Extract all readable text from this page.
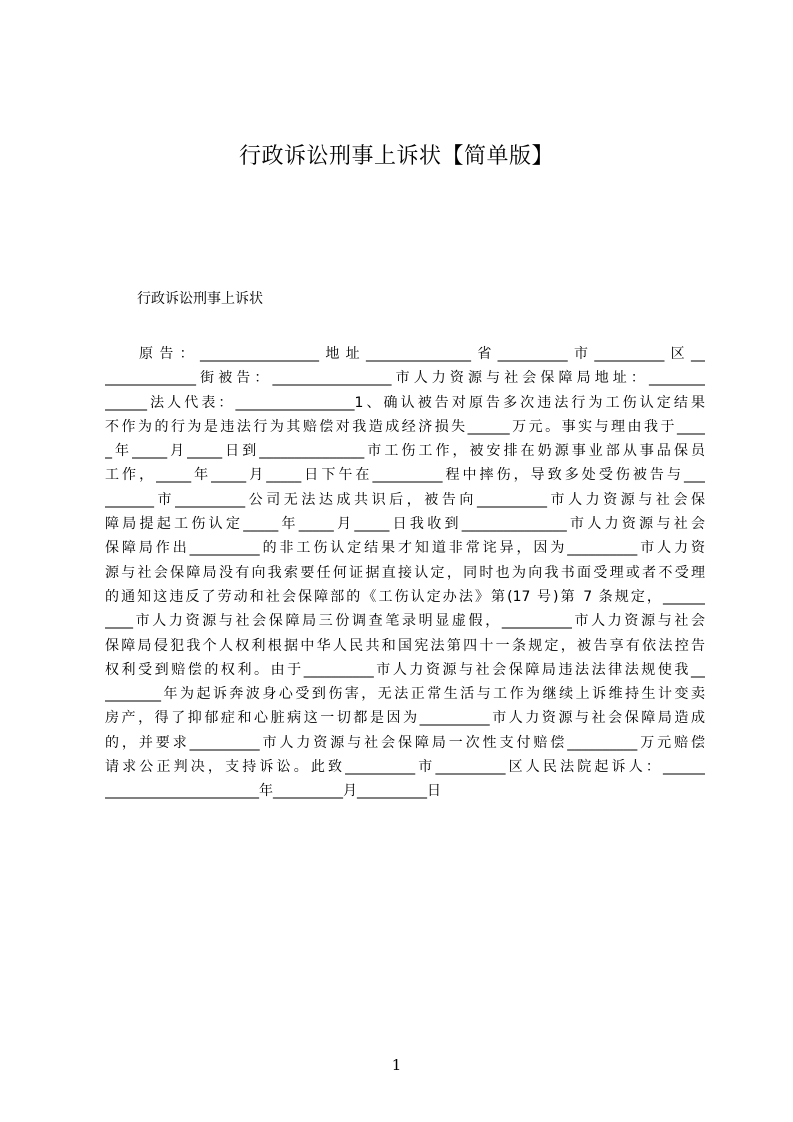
行政诉讼刑事上诉状【简单版】
行政诉讼刑事上诉状
原告：_________________地址_______________省__________市__________区__
_____________街被告：_________________市人力资源与社会保障局地址：________
______法人代表：_________________1、确认被告对原告多次违法行为工伤认定结果
不作为的行为是违法行为其赔偿对我造成经济损失______万元。事实与理由我于____
_年_____月_____日到_______________市工伤工作，被安排在奶源事业部从事品保员
工作，_____年_____月_____日下午在__________程中摔伤，导致多处受伤被告与___
_______市__________公司无法达成共识后，被告向__________市人力资源与社会保
障局提起工伤认定_____年_____月_____日我收到_______________市人力资源与社会
保障局作出__________的非工伤认定结果才知道非常诧异，因为__________市人力资
源与社会保障局没有向我索要任何证据直接认定，同时也为向我书面受理或者不受理
的通知这违反了劳动和社会保障部的《工伤认定办法》第(17 号)第 7 条规定，______
____市人力资源与社会保障局三份调查笔录明显虚假，__________市人力资源与社会
保障局侵犯我个人权利根据中华人民共和国宪法第四十一条规定，被告享有依法控告
权利受到赔偿的权利。由于__________市人力资源与社会保障局违法法律法规使我__
________年为起诉奔波身心受到伤害，无法正常生活与工作为继续上诉维持生计变卖
房产，得了抑郁症和心脏病这一切都是因为__________市人力资源与社会保障局造成
的，并要求__________市人力资源与社会保障局一次性支付赔偿__________万元赔偿
请求公正判决，支持诉讼。此致__________市__________区人民法院起诉人：______
______________________年__________月__________日
1
